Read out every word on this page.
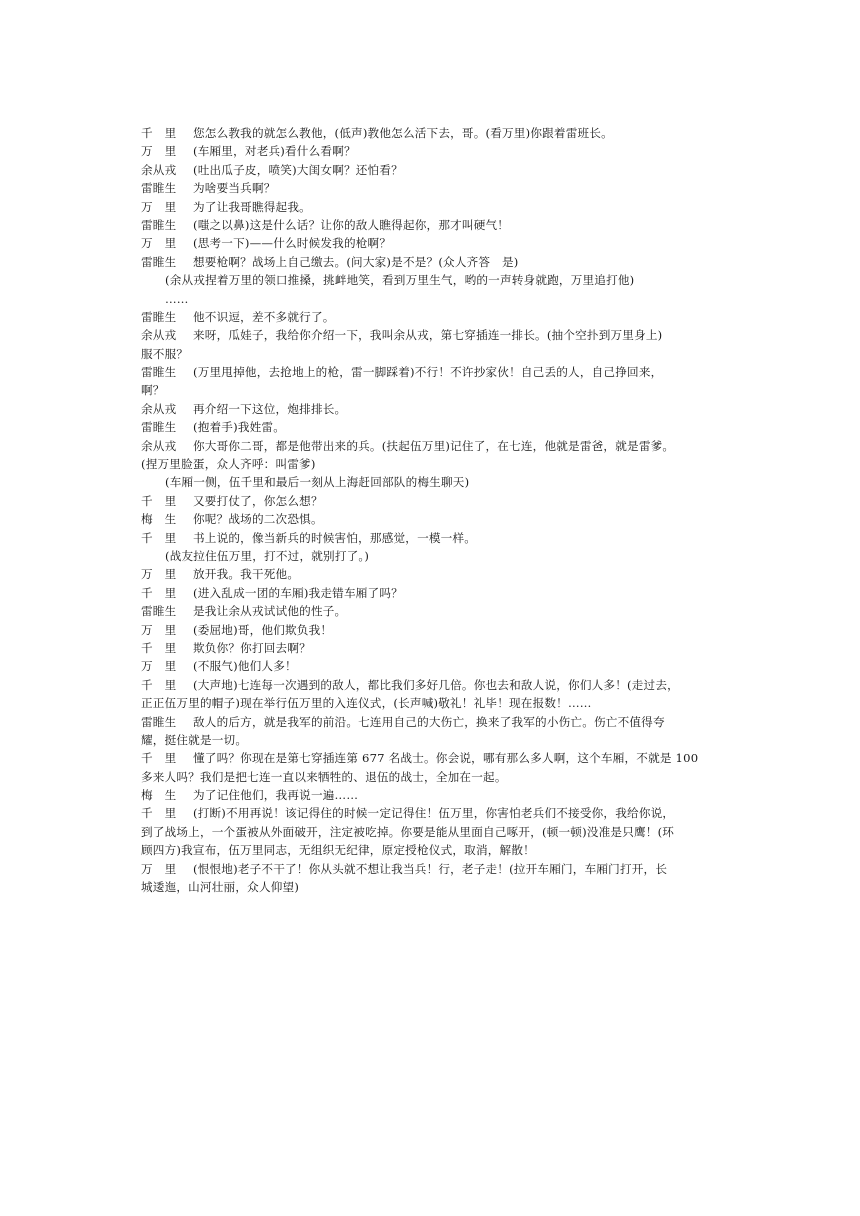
千　里 您怎么教我的就怎么教他，(低声)教他怎么活下去，哥。(看万里)你跟着雷班长。
万　里 (车厢里，对老兵)看什么看啊？
余从戎 (吐出瓜子皮，喷笑)大闺女啊？还怕看？
雷睢生 为啥要当兵啊？
万　里 为了让我哥瞧得起我。
雷睢生 (嗤之以鼻)这是什么话？让你的敌人瞧得起你，那才叫硬气！
万　里 (思考一下)——什么时候发我的枪啊？
雷睢生 想要枪啊？战场上自己缴去。(问大家)是不是？(众人齐答　是)
(余从戎捏着万里的领口推搡，挑衅地笑，看到万里生气，哟的一声转身就跑，万里追打他)
……
雷睢生 他不识逗，差不多就行了。
余从戎 来呀，瓜娃子，我给你介绍一下，我叫余从戎，第七穿插连一排长。(抽个空扑到万里身上)
服不服？
雷睢生 (万里甩掉他，去抢地上的枪，雷一脚踩着)不行！不许抄家伙！自己丢的人，自己挣回来，
啊？
余从戎 再介绍一下这位，炮排排长。
雷睢生 (抱着手)我姓雷。
余从戎 你大哥你二哥，都是他带出来的兵。(扶起伍万里)记住了，在七连，他就是雷爸，就是雷爹。
(捏万里脸蛋，众人齐呼：叫雷爹)
(车厢一侧，伍千里和最后一刻从上海赶回部队的梅生聊天)
千　里 又要打仗了，你怎么想？
梅　生 你呢？战场的二次恐惧。
千　里 书上说的，像当新兵的时候害怕，那感觉，一模一样。
(战友拉住伍万里，打不过，就别打了。)
万　里 放开我。我干死他。
千　里 (进入乱成一团的车厢)我走错车厢了吗？
雷睢生 是我让余从戎试试他的性子。
万　里 (委屈地)哥，他们欺负我！
千　里 欺负你？你打回去啊？
万　里 (不服气)他们人多！
千　里 (大声地)七连每一次遇到的敌人，都比我们多好几倍。你也去和敌人说，你们人多！(走过去，
正正伍万里的帽子)现在举行伍万里的入连仪式，(长声喊)敬礼！礼毕！现在报数！……
雷睢生 敌人的后方，就是我军的前沿。七连用自己的大伤亡，换来了我军的小伤亡。伤亡不值得夸
耀，挺住就是一切。
千　里 懂了吗？你现在是第七穿插连第 677 名战士。你会说，哪有那么多人啊，这个车厢，不就是 100
多来人吗？我们是把七连一直以来牺牲的、退伍的战士，全加在一起。
梅　生 为了记住他们，我再说一遍……
千　里 (打断)不用再说！该记得住的时候一定记得住！伍万里，你害怕老兵们不接受你，我给你说，
到了战场上，一个蛋被从外面破开，注定被吃掉。你要是能从里面自己啄开，(顿一顿)没准是只鹰！(环
顾四方)我宣布，伍万里同志，无组织无纪律，原定授枪仪式，取消，解散！
万　里 (恨恨地)老子不干了！你从头就不想让我当兵！行，老子走！(拉开车厢门，车厢门打开，长
城逶迤，山河壮丽，众人仰望)
